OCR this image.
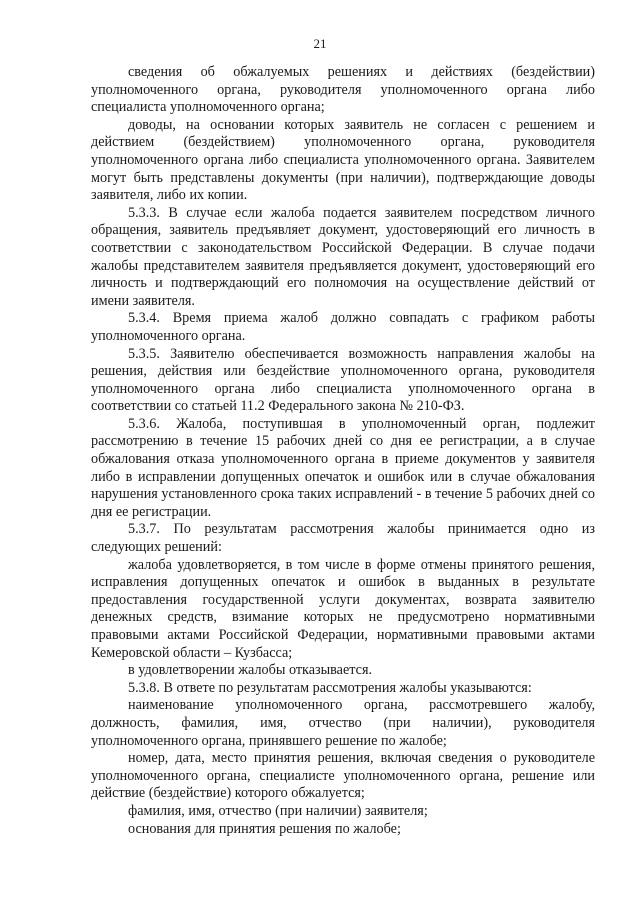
21

сведения об обжалуемых решениях и действиях (бездействии) уполномоченного органа, руководителя уполномоченного органа либо специалиста уполномоченного органа;

доводы, на основании которых заявитель не согласен с решением и действием (бездействием) уполномоченного органа, руководителя уполномоченного органа либо специалиста уполномоченного органа. Заявителем могут быть представлены документы (при наличии), подтверждающие доводы заявителя, либо их копии.

5.3.3. В случае если жалоба подается заявителем посредством личного обращения, заявитель предъявляет документ, удостоверяющий его личность в соответствии с законодательством Российской Федерации. В случае подачи жалобы представителем заявителя предъявляется документ, удостоверяющий его личность и подтверждающий его полномочия на осуществление действий от имени заявителя.

5.3.4. Время приема жалоб должно совпадать с графиком работы уполномоченного органа.

5.3.5. Заявителю обеспечивается возможность направления жалобы на решения, действия или бездействие уполномоченного органа, руководителя уполномоченного органа либо специалиста уполномоченного органа в соответствии со статьей 11.2 Федерального закона № 210-ФЗ.

5.3.6. Жалоба, поступившая в уполномоченный орган, подлежит рассмотрению в течение 15 рабочих дней со дня ее регистрации, а в случае обжалования отказа уполномоченного органа в приеме документов у заявителя либо в исправлении допущенных опечаток и ошибок или в случае обжалования нарушения установленного срока таких исправлений - в течение 5 рабочих дней со дня ее регистрации.

5.3.7. По результатам рассмотрения жалобы принимается одно из следующих решений:

жалоба удовлетворяется, в том числе в форме отмены принятого решения, исправления допущенных опечаток и ошибок в выданных в результате предоставления государственной услуги документах, возврата заявителю денежных средств, взимание которых не предусмотрено нормативными правовыми актами Российской Федерации, нормативными правовыми актами Кемеровской области – Кузбасса;

в удовлетворении жалобы отказывается.

5.3.8. В ответе по результатам рассмотрения жалобы указываются:

наименование уполномоченного органа, рассмотревшего жалобу, должность, фамилия, имя, отчество (при наличии), руководителя уполномоченного органа, принявшего решение по жалобе;

номер, дата, место принятия решения, включая сведения о руководителе уполномоченного органа, специалисте уполномоченного органа, решение или действие (бездействие) которого обжалуется;

фамилия, имя, отчество (при наличии) заявителя;

основания для принятия решения по жалобе;
